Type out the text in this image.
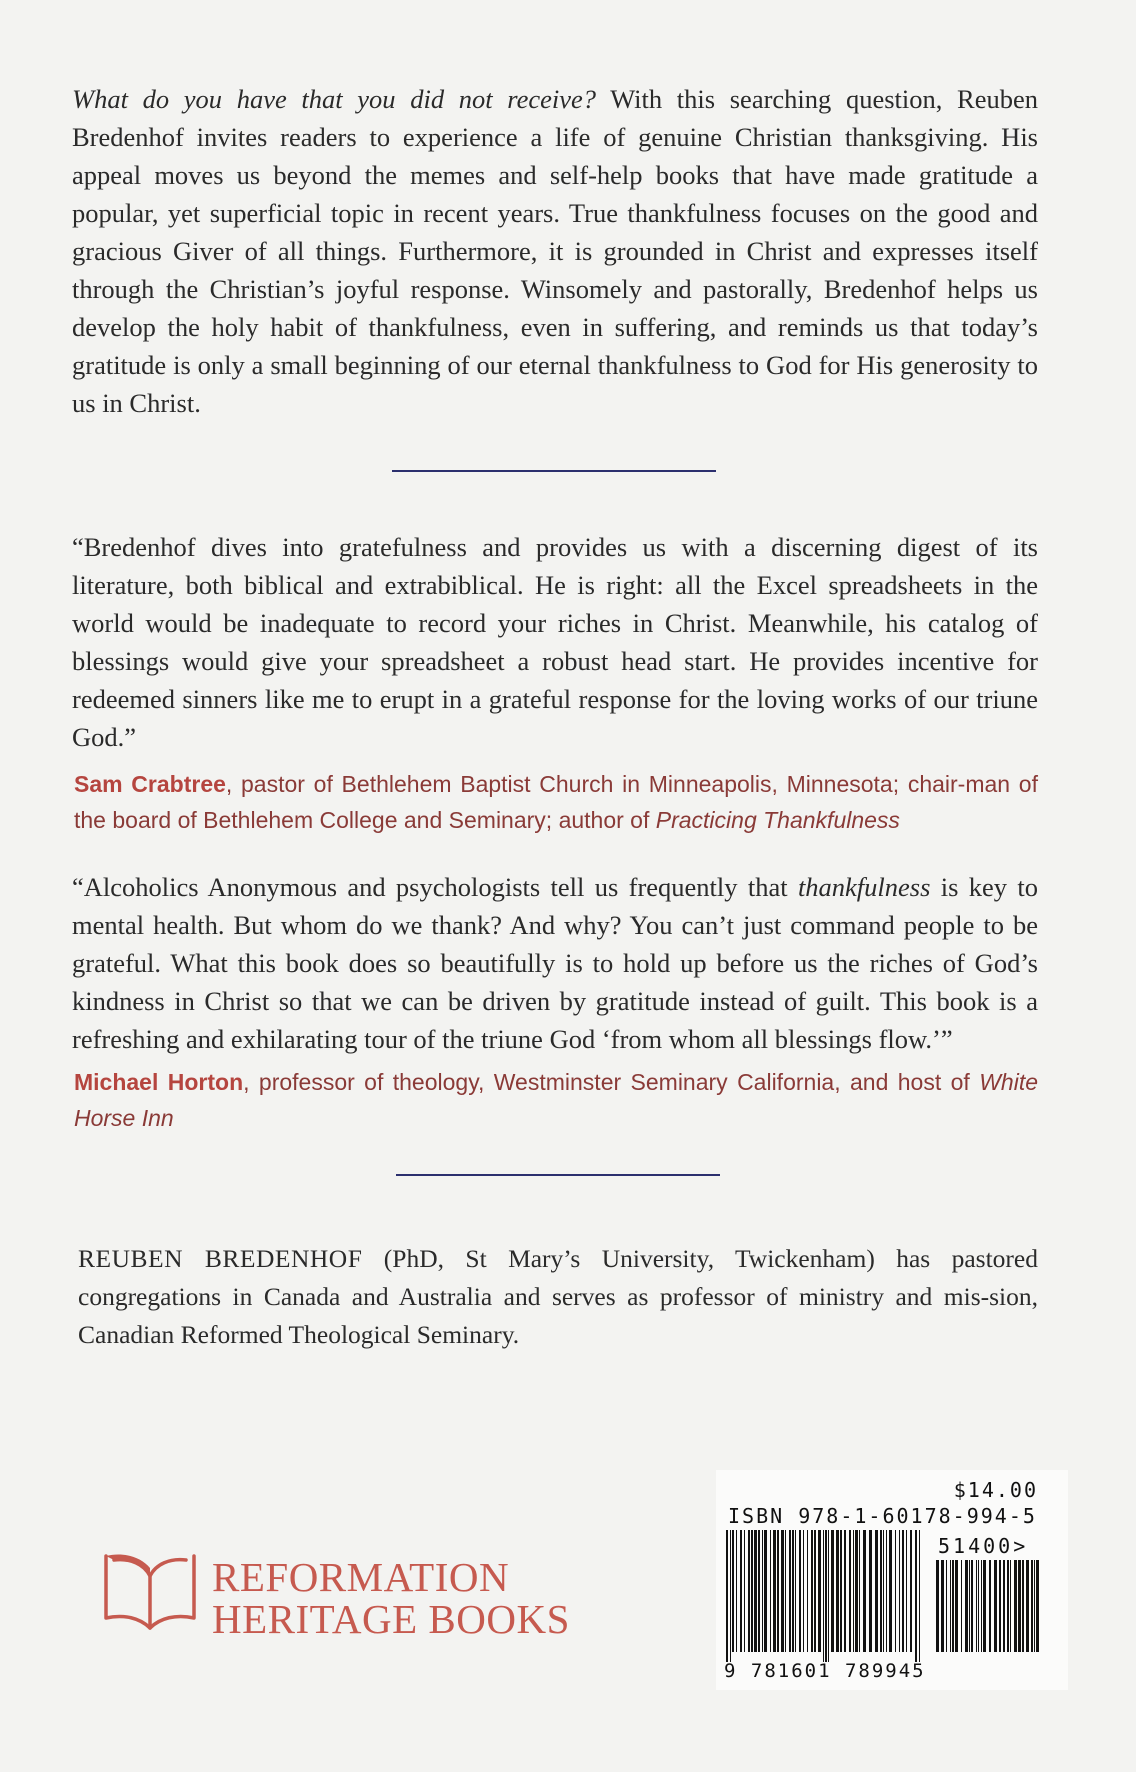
What do you have that you did not receive? With this searching question, Reuben Bredenhof invites readers to experience a life of genuine Christian thanksgiving. His appeal moves us beyond the memes and self-help books that have made gratitude a popular, yet superficial topic in recent years. True thankfulness focuses on the good and gracious Giver of all things. Furthermore, it is grounded in Christ and expresses itself through the Christian’s joyful response. Winsomely and pastorally, Bredenhof helps us develop the holy habit of thankfulness, even in suffering, and reminds us that today’s gratitude is only a small beginning of our eternal thankfulness to God for His generosity to us in Christ.

“Bredenhof dives into gratefulness and provides us with a discerning digest of its literature, both biblical and extrabiblical. He is right: all the Excel spreadsheets in the world would be inadequate to record your riches in Christ. Meanwhile, his catalog of blessings would give your spreadsheet a robust head start. He provides incentive for redeemed sinners like me to erupt in a grateful response for the loving works of our triune God.”

Sam Crabtree, pastor of Bethlehem Baptist Church in Minneapolis, Minnesota; chair-man of the board of Bethlehem College and Seminary; author of Practicing Thankfulness

“Alcoholics Anonymous and psychologists tell us frequently that thankfulness is key to mental health. But whom do we thank? And why? You can’t just command people to be grateful. What this book does so beautifully is to hold up before us the riches of God’s kindness in Christ so that we can be driven by gratitude instead of guilt. This book is a refreshing and exhilarating tour of the triune God ‘from whom all blessings flow.’”

Michael Horton, professor of theology, Westminster Seminary California, and host of White Horse Inn

REUBEN BREDENHOF (PhD, St Mary’s University, Twickenham) has pastored congregations in Canada and Australia and serves as professor of ministry and mis-sion, Canadian Reformed Theological Seminary.

REFORMATION
HERITAGE BOOKS
$14.00
ISBN 978-1-60178-994-5
51400>
9 781601 789945
